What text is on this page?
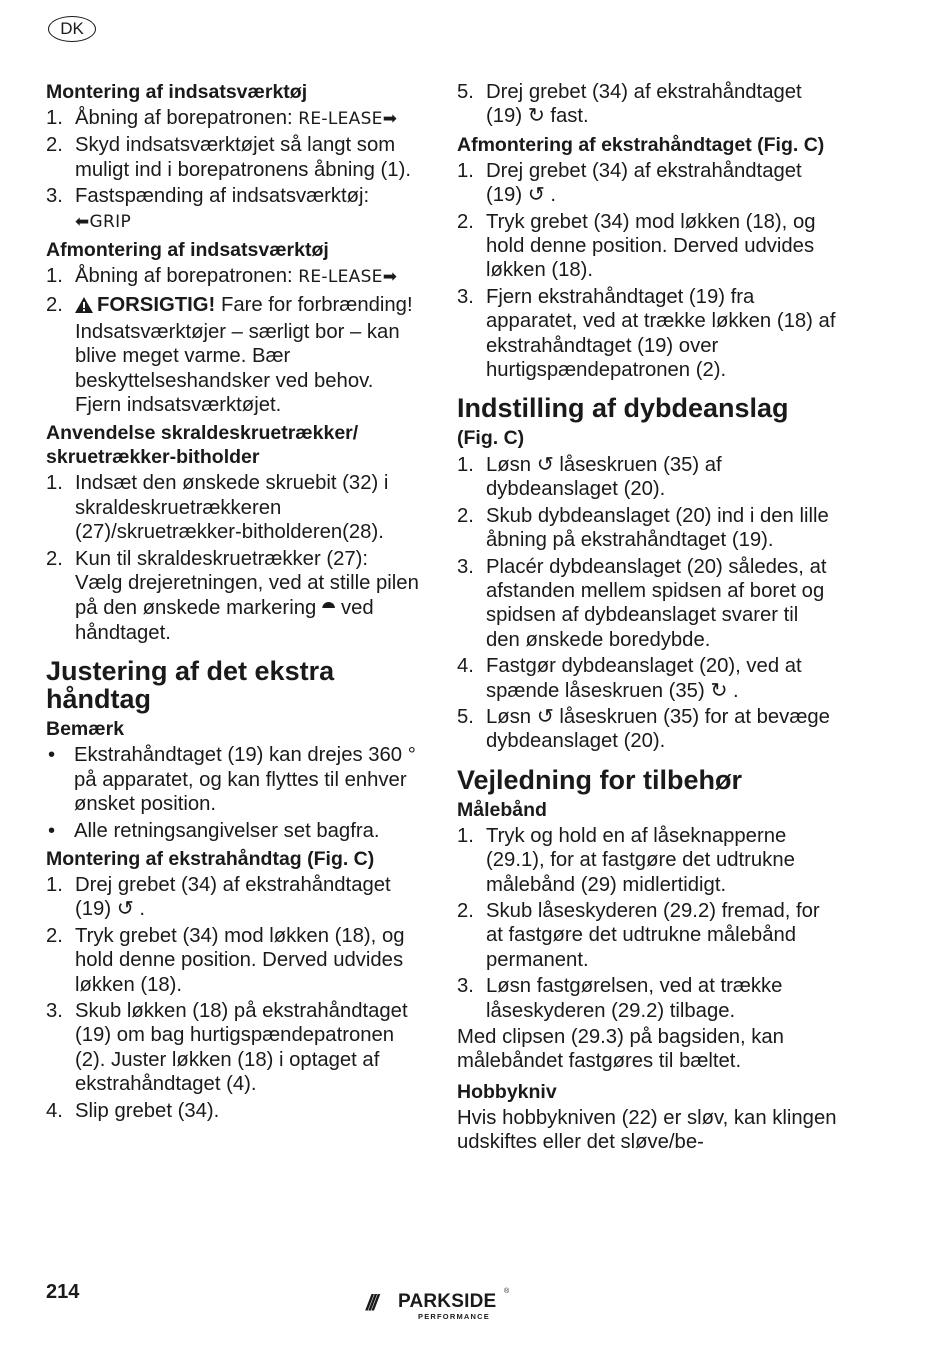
DK
Montering af indsatsværktøj
1. Åbning af borepatronen: RE-LEASE➡
2. Skyd indsatsværktøjet så langt som muligt ind i borepatronens åbning (1).
3. Fastspænding af indsatsværktøj:
⬅GRIP
Afmontering af indsatsværktøj
1. Åbning af borepatronen: RE-LEASE➡
2.	FORSIGTIG! Fare for forbrænding! Indsatsværktøjer – særligt bor – kan blive meget varme. Bær beskyttelseshandsker ved behov. Fjern indsatsværktøjet.
Anvendelse skraldeskruetrækker/ skruetrækker-bitholder
1. Indsæt den ønskede skruebit (32) i skraldeskruetrækkeren (27)/skruetrækker-bitholderen(28).
2. Kun til skraldeskruetrækker (27): Vælg drejeretningen, ved at stille pilen på den ønskede markering ⯊ ved håndtaget.
Justering af det ekstra håndtag
Bemærk
• Ekstrahåndtaget (19) kan drejes 360 ° på apparatet, og kan flyttes til enhver ønsket position.
• Alle retningsangivelser set bagfra.
Montering af ekstrahåndtag (Fig. C)
1. Drej grebet (34) af ekstrahåndtaget (19) ↺ .
2. Tryk grebet (34) mod løkken (18), og hold denne position. Derved udvides løkken (18).
3. Skub løkken (18) på ekstrahåndtaget (19) om bag hurtigspændepatronen (2). Juster løkken (18) i optaget af ekstrahåndtaget (4).
4. Slip grebet (34).
5. Drej grebet (34) af ekstrahåndtaget (19) ↻ fast.
Afmontering af ekstrahåndtaget (Fig. C)
1. Drej grebet (34) af ekstrahåndtaget (19) ↺ .
2. Tryk grebet (34) mod løkken (18), og hold denne position. Derved udvides løkken (18).
3. Fjern ekstrahåndtaget (19) fra apparatet, ved at trække løkken (18) af ekstrahåndtaget (19) over hurtigspændepatronen (2).
Indstilling af dybdeanslag
(Fig. C)
1. Løsn ↺ låseskruen (35) af dybdeanslaget (20).
2. Skub dybdeanslaget (20) ind i den lille åbning på ekstrahåndtaget (19).
3. Placér dybdeanslaget (20) således, at afstanden mellem spidsen af boret og spidsen af dybdeanslaget svarer til den ønskede boredybde.
4. Fastgør dybdeanslaget (20), ved at spænde låseskruen (35) ↻ .
5. Løsn ↺ låseskruen (35) for at bevæge dybdeanslaget (20).
Vejledning for tilbehør
Målebånd
1. Tryk og hold en af låseknapperne (29.1), for at fastgøre det udtrukne målebånd (29) midlertidigt.
2. Skub låseskyderen (29.2) fremad, for at fastgøre det udtrukne målebånd permanent.
3. Løsn fastgørelsen, ved at trække låseskyderen (29.2) tilbage.
Med clipsen (29.3) på bagsiden, kan målebåndet fastgøres til bæltet.
Hobbykniv
Hvis hobbykniven (22) er sløv, kan klingen udskiftes eller det sløve/be-
214	/// PARKSIDE ®
PERFORMANCE
